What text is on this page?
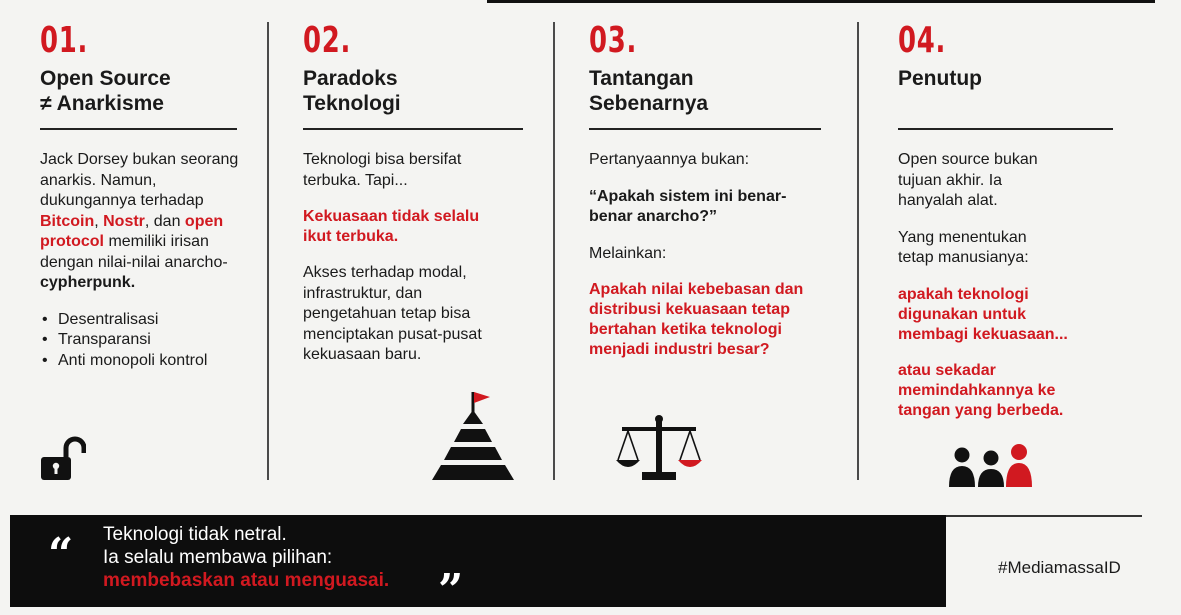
01.
Open Source
≠ Anarkisme
Jack Dorsey bukan seorang anarkis. Namun, dukungannya terhadap Bitcoin, Nostr, dan open protocol memiliki irisan dengan nilai-nilai anarcho-cypherpunk.
• Desentralisasi
• Transparansi
• Anti monopoli kontrol
02.
Paradoks
Teknologi
Teknologi bisa bersifat terbuka. Tapi...
Kekuasaan tidak selalu ikut terbuka.
Akses terhadap modal, infrastruktur, dan pengetahuan tetap bisa menciptakan pusat-pusat kekuasaan baru.
03.
Tantangan
Sebenarnya
Pertanyaannya bukan:
“Apakah sistem ini benar-benar anarcho?”
Melainkan:
Apakah nilai kebebasan dan distribusi kekuasaan tetap bertahan ketika teknologi menjadi industri besar?
04.
Penutup
Open source bukan tujuan akhir. Ia hanyalah alat.
Yang menentukan tetap manusianya:
apakah teknologi digunakan untuk membagi kekuasaan...
atau sekadar memindahkannya ke tangan yang berbeda.
“ Teknologi tidak netral.
Ia selalu membawa pilihan:
membebaskan atau menguasai. ”	#MediamassaID
